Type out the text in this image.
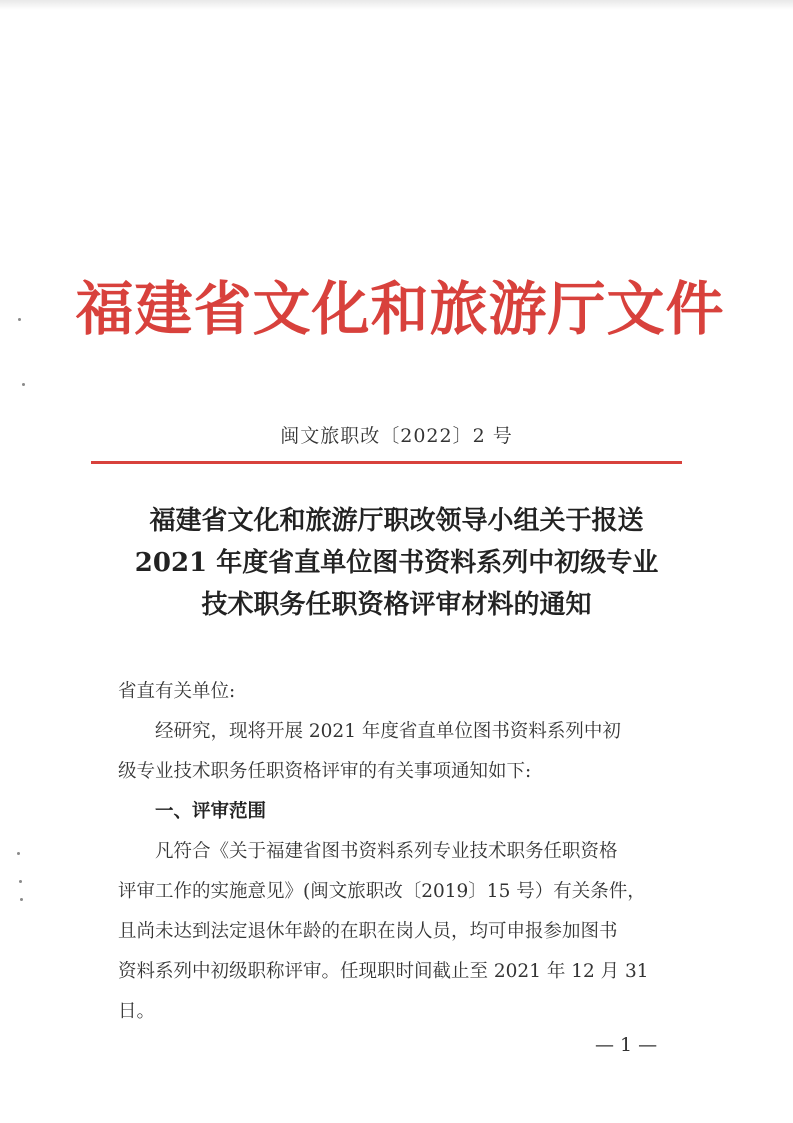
福建省文化和旅游厅文件
闽文旅职改〔2022〕2 号
福建省文化和旅游厅职改领导小组关于报送
2021 年度省直单位图书资料系列中初级专业
技术职务任职资格评审材料的通知
省直有关单位:
经研究，现将开展 2021 年度省直单位图书资料系列中初
级专业技术职务任职资格评审的有关事项通知如下:
一、评审范围
凡符合《关于福建省图书资料系列专业技术职务任职资格
评审工作的实施意见》(闽文旅职改〔2019〕15 号）有关条件，
且尚未达到法定退休年龄的在职在岗人员，均可申报参加图书
资料系列中初级职称评审。任现职时间截止至 2021 年 12 月 31
日。
— 1 —
